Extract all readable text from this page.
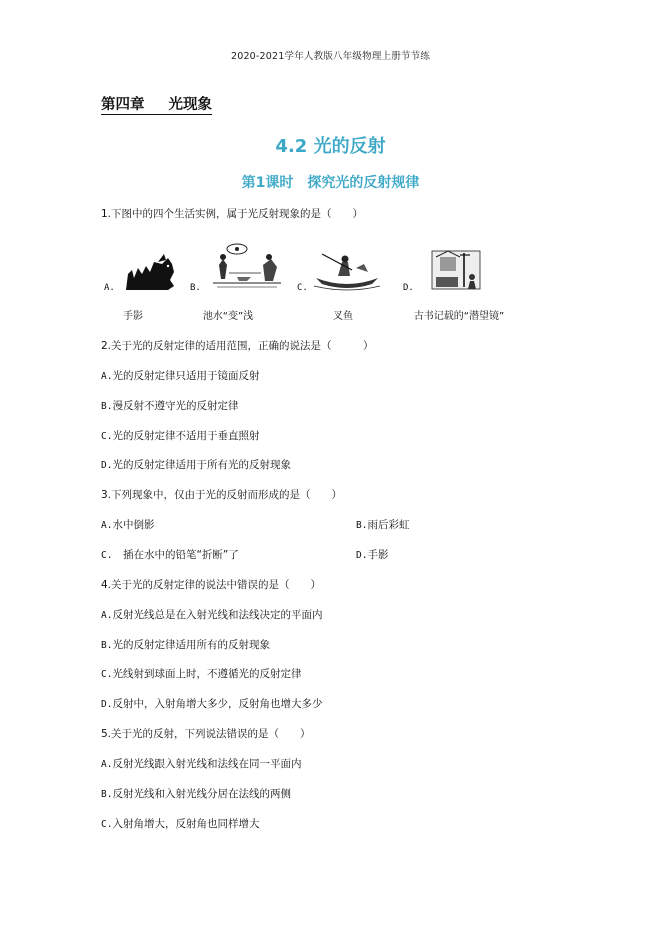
2020-2021学年人教版八年级物理上册节节练
第四章 光现象
4.2 光的反射
第1课时　探究光的反射规律
1.下图中的四个生活实例，属于光反射现象的是（　　）
A.
手影
B.
池水“变”浅
C.
叉鱼
D.
古书记载的“潜望镜”
2.关于光的反射定律的适用范围，正确的说法是（　　　）
A.光的反射定律只适用于镜面反射
B.漫反射不遵守光的反射定律
C.光的反射定律不适用于垂直照射
D.光的反射定律适用于所有光的反射现象
3.下列现象中，仅由于光的反射而形成的是（　　）
A.水中倒影	B.雨后彩虹
C.　插在水中的铅笔“折断”了	D.手影
4.关于光的反射定律的说法中错误的是（　　）
A.反射光线总是在入射光线和法线决定的平面内
B.光的反射定律适用所有的反射现象
C.光线射到球面上时，不遵循光的反射定律
D.反射中，入射角增大多少，反射角也增大多少
5.关于光的反射，下列说法错误的是（　　）
A.反射光线跟入射光线和法线在同一平面内
B.反射光线和入射光线分居在法线的两侧
C.入射角增大，反射角也同样增大
